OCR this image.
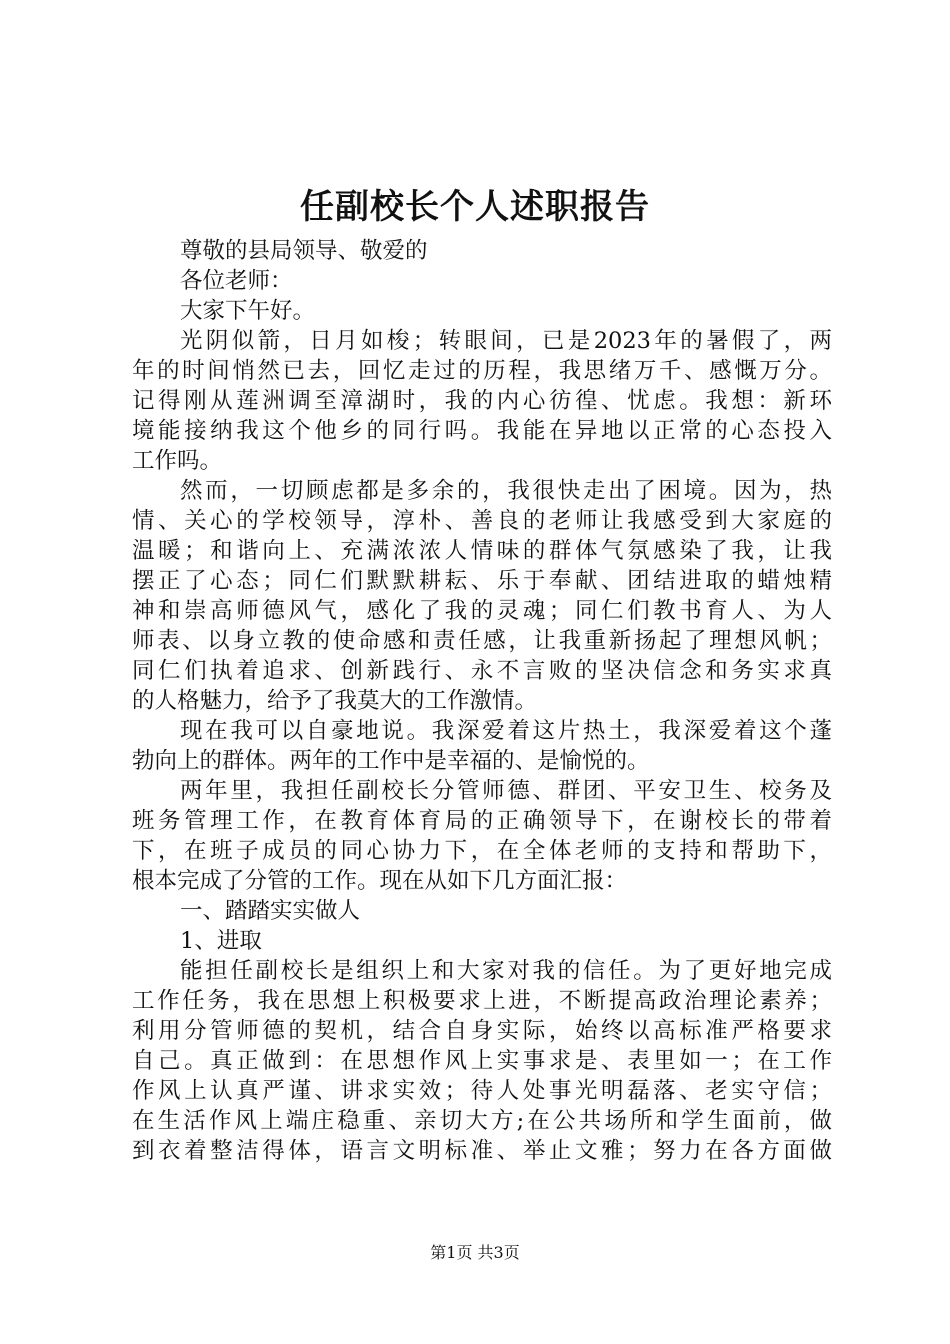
任副校长个人述职报告
尊敬的县局领导、敬爱的
各位老师：
大家下午好。
光阴似箭，日月如梭；转眼间，已是2023年的暑假了，两
年的时间悄然已去，回忆走过的历程，我思绪万千、感慨万分。
记得刚从莲洲调至漳湖时，我的内心彷徨、忧虑。我想：新环
境能接纳我这个他乡的同行吗。我能在异地以正常的心态投入
工作吗。
然而，一切顾虑都是多余的，我很快走出了困境。因为，热
情、关心的学校领导，淳朴、善良的老师让我感受到大家庭的
温暖；和谐向上、充满浓浓人情味的群体气氛感染了我，让我
摆正了心态；同仁们默默耕耘、乐于奉献、团结进取的蜡烛精
神和崇高师德风气，感化了我的灵魂；同仁们教书育人、为人
师表、以身立教的使命感和责任感，让我重新扬起了理想风帆；
同仁们执着追求、创新践行、永不言败的坚决信念和务实求真
的人格魅力，给予了我莫大的工作激情。
现在我可以自豪地说。我深爱着这片热土，我深爱着这个蓬
勃向上的群体。两年的工作中是幸福的、是愉悦的。
两年里，我担任副校长分管师德、群团、平安卫生、校务及
班务管理工作，在教育体育局的正确领导下，在谢校长的带着
下，在班子成员的同心协力下，在全体老师的支持和帮助下，
根本完成了分管的工作。现在从如下几方面汇报：
一、踏踏实实做人
1、进取
能担任副校长是组织上和大家对我的信任。为了更好地完成
工作任务，我在思想上积极要求上进，不断提高政治理论素养；
利用分管师德的契机，结合自身实际，始终以高标准严格要求
自己。真正做到：在思想作风上实事求是、表里如一；在工作
作风上认真严谨、讲求实效；待人处事光明磊落、老实守信；
在生活作风上端庄稳重、亲切大方;在公共场所和学生面前，做
到衣着整洁得体，语言文明标准、举止文雅；努力在各方面做
第1页 共3页
